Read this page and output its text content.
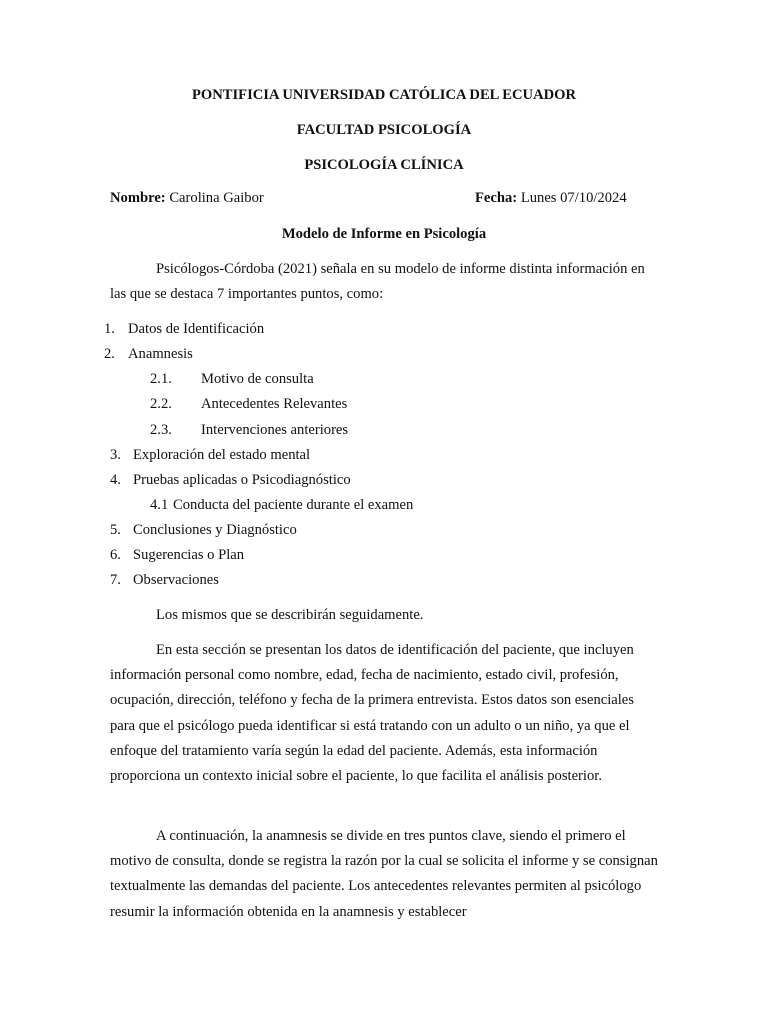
PONTIFICIA UNIVERSIDAD CATÓLICA DEL ECUADOR
FACULTAD PSICOLOGÍA
PSICOLOGÍA CLÍNICA
Nombre: Carolina Gaibor	Fecha: Lunes 07/10/2024
Modelo de Informe en Psicología

Psicólogos-Córdoba (2021) señala en su modelo de informe distinta información en las que se destaca 7 importantes puntos, como:

1. Datos de Identificación
2. Anamnesis
2.1. Motivo de consulta
2.2. Antecedentes Relevantes
2.3. Intervenciones anteriores
3. Exploración del estado mental
4. Pruebas aplicadas o Psicodiagnóstico
4.1 Conducta del paciente durante el examen
5. Conclusiones y Diagnóstico
6. Sugerencias o Plan
7. Observaciones

Los mismos que se describirán seguidamente.

En esta sección se presentan los datos de identificación del paciente, que incluyen información personal como nombre, edad, fecha de nacimiento, estado civil, profesión, ocupación, dirección, teléfono y fecha de la primera entrevista. Estos datos son esenciales para que el psicólogo pueda identificar si está tratando con un adulto o un niño, ya que el enfoque del tratamiento varía según la edad del paciente. Además, esta información proporciona un contexto inicial sobre el paciente, lo que facilita el análisis posterior.

A continuación, la anamnesis se divide en tres puntos clave, siendo el primero el motivo de consulta, donde se registra la razón por la cual se solicita el informe y se consignan textualmente las demandas del paciente. Los antecedentes relevantes permiten al psicólogo resumir la información obtenida en la anamnesis y establecer
